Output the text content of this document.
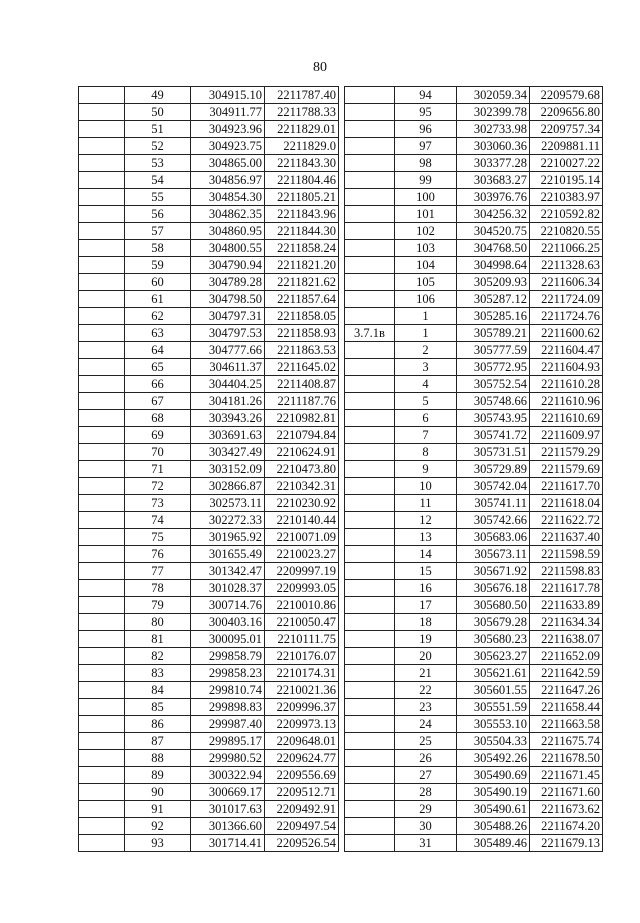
80
	49	304915.10	2211787.40
	50	304911.77	2211788.33
	51	304923.96	2211829.01
	52	304923.75	2211829.0
	53	304865.00	2211843.30
	54	304856.97	2211804.46
	55	304854.30	2211805.21
	56	304862.35	2211843.96
	57	304860.95	2211844.30
	58	304800.55	2211858.24
	59	304790.94	2211821.20
	60	304789.28	2211821.62
	61	304798.50	2211857.64
	62	304797.31	2211858.05
	63	304797.53	2211858.93
	64	304777.66	2211863.53
	65	304611.37	2211645.02
	66	304404.25	2211408.87
	67	304181.26	2211187.76
	68	303943.26	2210982.81
	69	303691.63	2210794.84
	70	303427.49	2210624.91
	71	303152.09	2210473.80
	72	302866.87	2210342.31
	73	302573.11	2210230.92
	74	302272.33	2210140.44
	75	301965.92	2210071.09
	76	301655.49	2210023.27
	77	301342.47	2209997.19
	78	301028.37	2209993.05
	79	300714.76	2210010.86
	80	300403.16	2210050.47
	81	300095.01	2210111.75
	82	299858.79	2210176.07
	83	299858.23	2210174.31
	84	299810.74	2210021.36
	85	299898.83	2209996.37
	86	299987.40	2209973.13
	87	299895.17	2209648.01
	88	299980.52	2209624.77
	89	300322.94	2209556.69
	90	300669.17	2209512.71
	91	301017.63	2209492.91
	92	301366.60	2209497.54
	93	301714.41	2209526.54
	94	302059.34	2209579.68
	95	302399.78	2209656.80
	96	302733.98	2209757.34
	97	303060.36	2209881.11
	98	303377.28	2210027.22
	99	303683.27	2210195.14
	100	303976.76	2210383.97
	101	304256.32	2210592.82
	102	304520.75	2210820.55
	103	304768.50	2211066.25
	104	304998.64	2211328.63
	105	305209.93	2211606.34
	106	305287.12	2211724.09
	1	305285.16	2211724.76
3.7.1в	1	305789.21	2211600.62
	2	305777.59	2211604.47
	3	305772.95	2211604.93
	4	305752.54	2211610.28
	5	305748.66	2211610.96
	6	305743.95	2211610.69
	7	305741.72	2211609.97
	8	305731.51	2211579.29
	9	305729.89	2211579.69
	10	305742.04	2211617.70
	11	305741.11	2211618.04
	12	305742.66	2211622.72
	13	305683.06	2211637.40
	14	305673.11	2211598.59
	15	305671.92	2211598.83
	16	305676.18	2211617.78
	17	305680.50	2211633.89
	18	305679.28	2211634.34
	19	305680.23	2211638.07
	20	305623.27	2211652.09
	21	305621.61	2211642.59
	22	305601.55	2211647.26
	23	305551.59	2211658.44
	24	305553.10	2211663.58
	25	305504.33	2211675.74
	26	305492.26	2211678.50
	27	305490.69	2211671.45
	28	305490.19	2211671.60
	29	305490.61	2211673.62
	30	305488.26	2211674.20
	31	305489.46	2211679.13
